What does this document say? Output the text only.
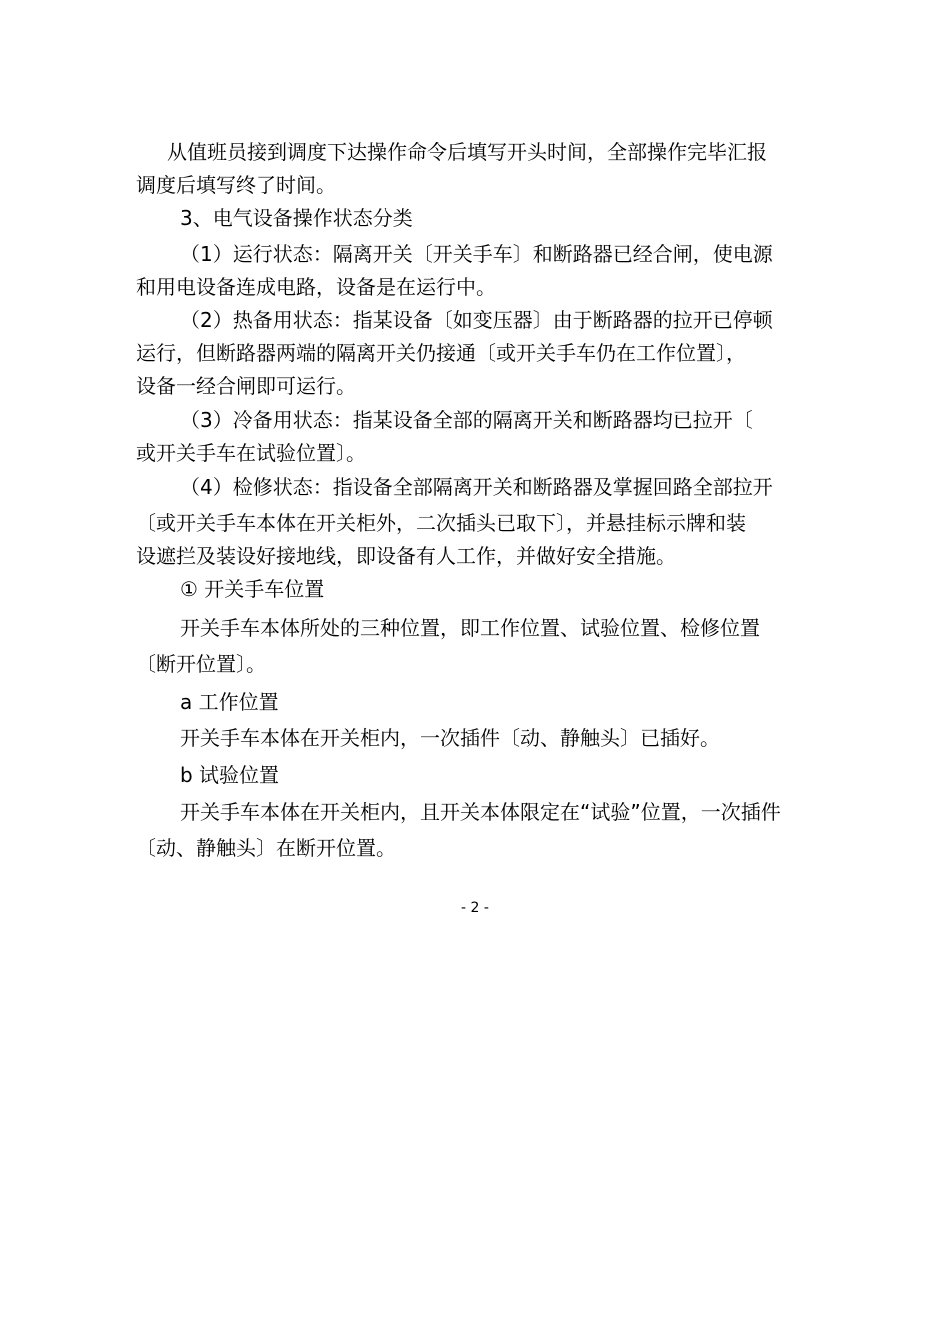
从值班员接到调度下达操作命令后填写开头时间，全部操作完毕汇报
调度后填写终了时间。
3、电气设备操作状态分类
（1）运行状态：隔离开关〔开关手车〕和断路器已经合闸，使电源
和用电设备连成电路，设备是在运行中。
（2）热备用状态：指某设备〔如变压器〕由于断路器的拉开已停顿
运行，但断路器两端的隔离开关仍接通〔或开关手车仍在工作位置〕，
设备一经合闸即可运行。
（3）冷备用状态：指某设备全部的隔离开关和断路器均已拉开〔
或开关手车在试验位置〕。
（4）检修状态：指设备全部隔离开关和断路器及掌握回路全部拉开
〔或开关手车本体在开关柜外，二次插头已取下〕，并悬挂标示牌和装
设遮拦及装设好接地线，即设备有人工作，并做好安全措施。
① 开关手车位置
开关手车本体所处的三种位置，即工作位置、试验位置、检修位置
〔断开位置〕。
a 工作位置
开关手车本体在开关柜内，一次插件〔动、静触头〕已插好。
b 试验位置
开关手车本体在开关柜内，且开关本体限定在“试验”位置，一次插件
〔动、静触头〕在断开位置。
- 2 -
